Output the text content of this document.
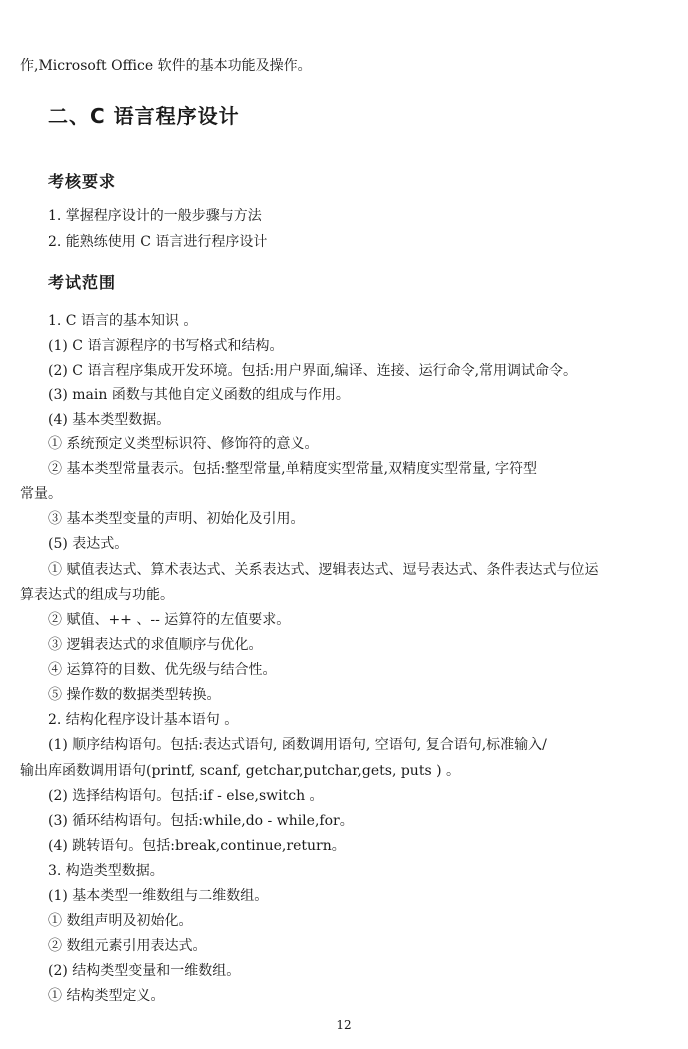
作,Microsoft Office 软件的基本功能及操作。
二、C 语言程序设计
考核要求
1. 掌握程序设计的一般步骤与方法
2. 能熟练使用 C 语言进行程序设计
考试范围
1. C 语言的基本知识 。
(1) C 语言源程序的书写格式和结构。
(2) C 语言程序集成开发环境。包括:用户界面,编译、连接、运行命令,常用调试命令。
(3) main 函数与其他自定义函数的组成与作用。
(4) 基本类型数据。
① 系统预定义类型标识符、修饰符的意义。
② 基本类型常量表示。包括:整型常量,单精度实型常量,双精度实型常量, 字符型
常量。
③ 基本类型变量的声明、初始化及引用。
(5) 表达式。
① 赋值表达式、算术表达式、关系表达式、逻辑表达式、逗号表达式、条件表达式与位运
算表达式的组成与功能。
② 赋值、++ 、-- 运算符的左值要求。
③ 逻辑表达式的求值顺序与优化。
④ 运算符的目数、优先级与结合性。
⑤ 操作数的数据类型转换。
2. 结构化程序设计基本语句 。
(1) 顺序结构语句。包括:表达式语句, 函数调用语句, 空语句, 复合语句,标准输入/
输出库函数调用语句(printf, scanf, getchar,putchar,gets, puts ) 。
(2) 选择结构语句。包括:if - else,switch 。
(3) 循环结构语句。包括:while,do - while,for。
(4) 跳转语句。包括:break,continue,return。
3. 构造类型数据。
(1) 基本类型一维数组与二维数组。
① 数组声明及初始化。
② 数组元素引用表达式。
(2) 结构类型变量和一维数组。
① 结构类型定义。
12
